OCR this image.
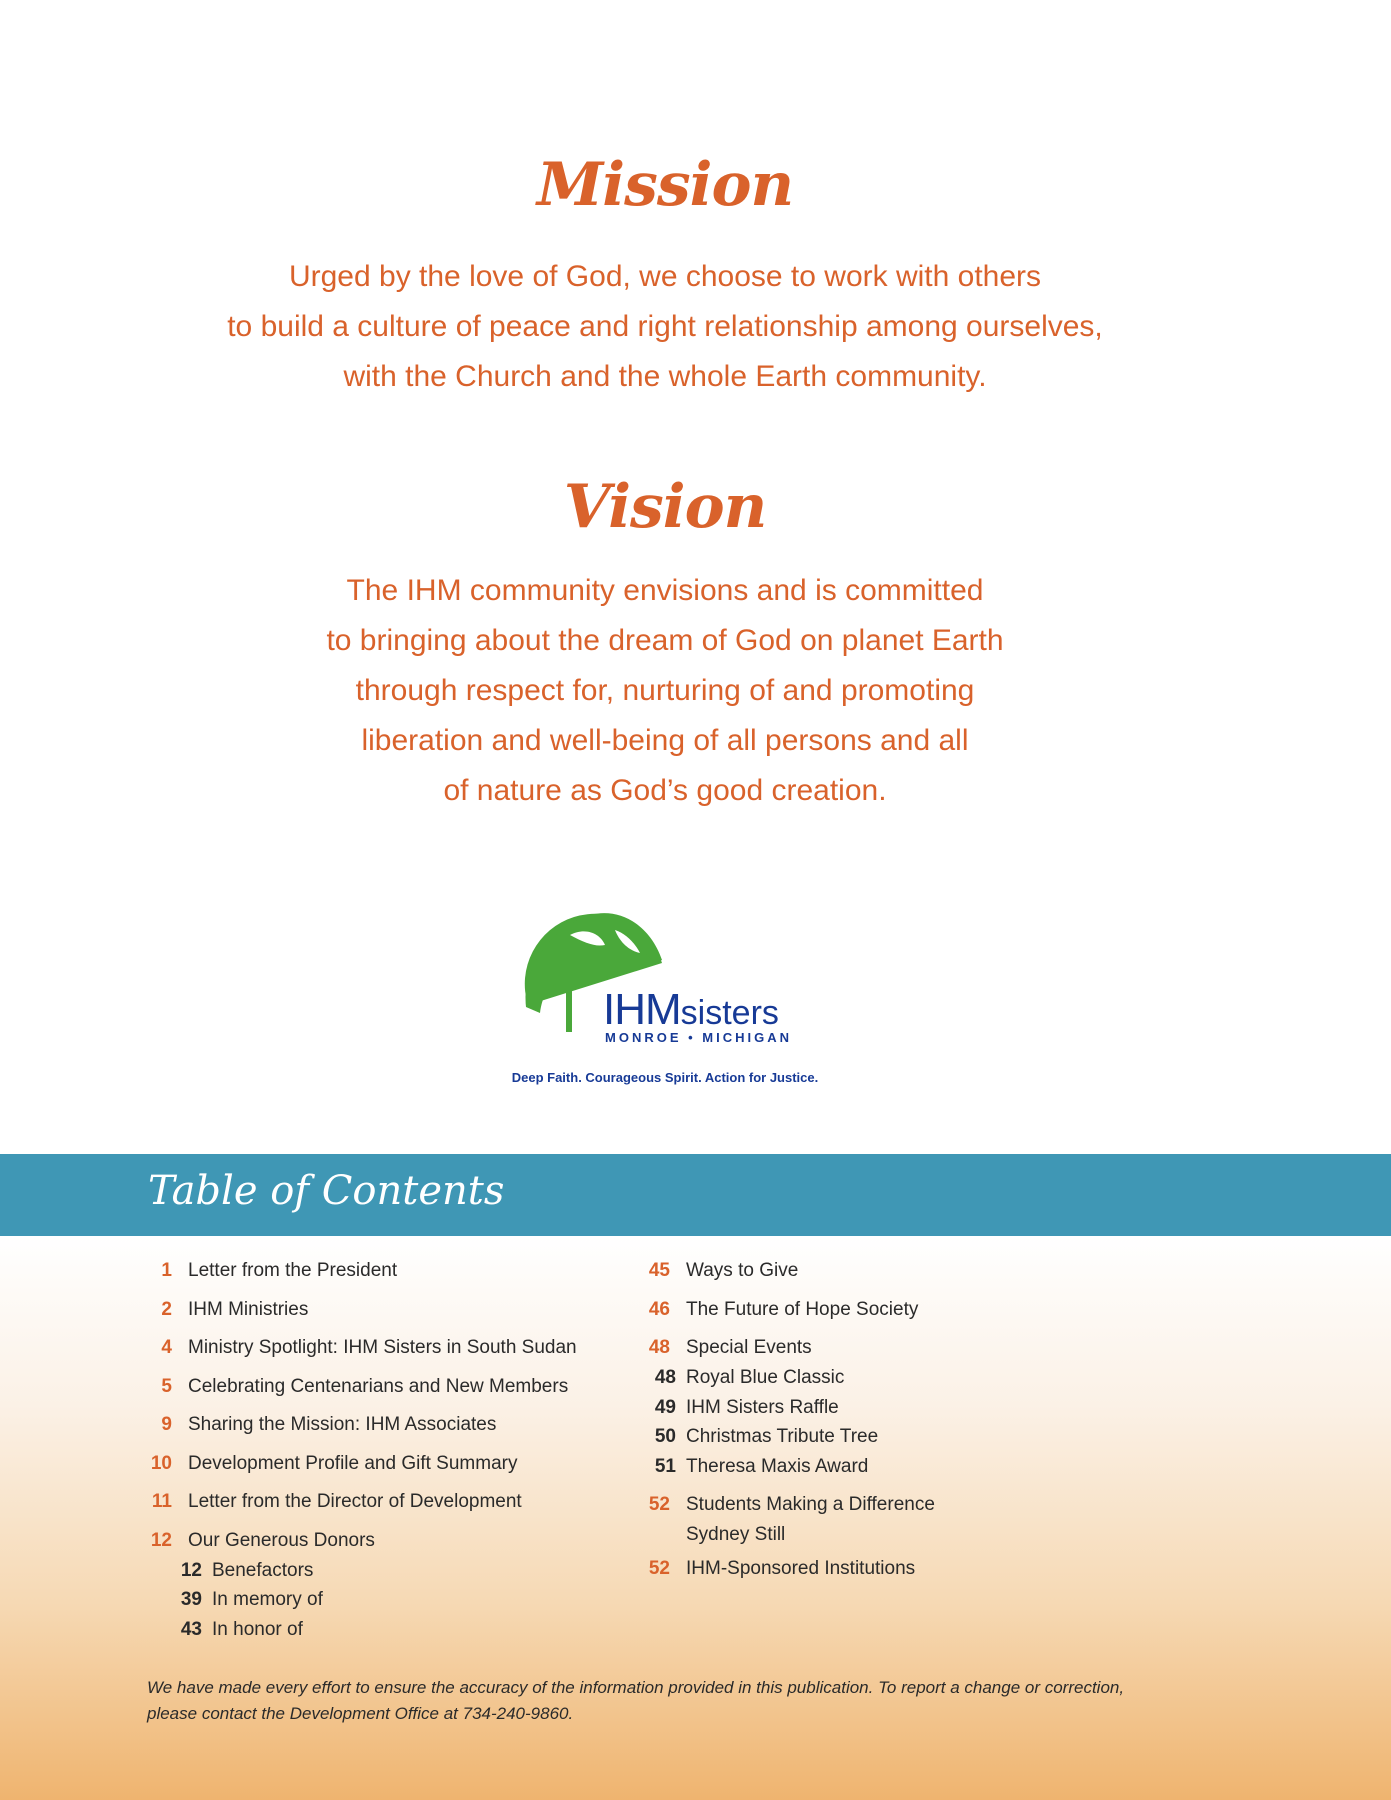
Mission
Urged by the love of God, we choose to work with others
to build a culture of peace and right relationship among ourselves,
with the Church and the whole Earth community.
Vision
The IHM community envisions and is committed
to bringing about the dream of God on planet Earth
through respect for, nurturing of and promoting
liberation and well-being of all persons and all
of nature as God’s good creation.
IHMsisters
MONROE • MICHIGAN
Deep Faith. Courageous Spirit. Action for Justice.
Table of Contents
1 Letter from the President
2 IHM Ministries
4 Ministry Spotlight: IHM Sisters in South Sudan
5 Celebrating Centenarians and New Members
9 Sharing the Mission: IHM Associates
10 Development Profile and Gift Summary
11 Letter from the Director of Development
12 Our Generous Donors
12 Benefactors
39 In memory of
43 In honor of
45 Ways to Give
46 The Future of Hope Society
48 Special Events
48 Royal Blue Classic
49 IHM Sisters Raffle
50 Christmas Tribute Tree
51 Theresa Maxis Award
52 Students Making a Difference
Sydney Still
52 IHM-Sponsored Institutions
We have made every effort to ensure the accuracy of the information provided in this publication. To report a change or correction,
please contact the Development Office at 734-240-9860.
